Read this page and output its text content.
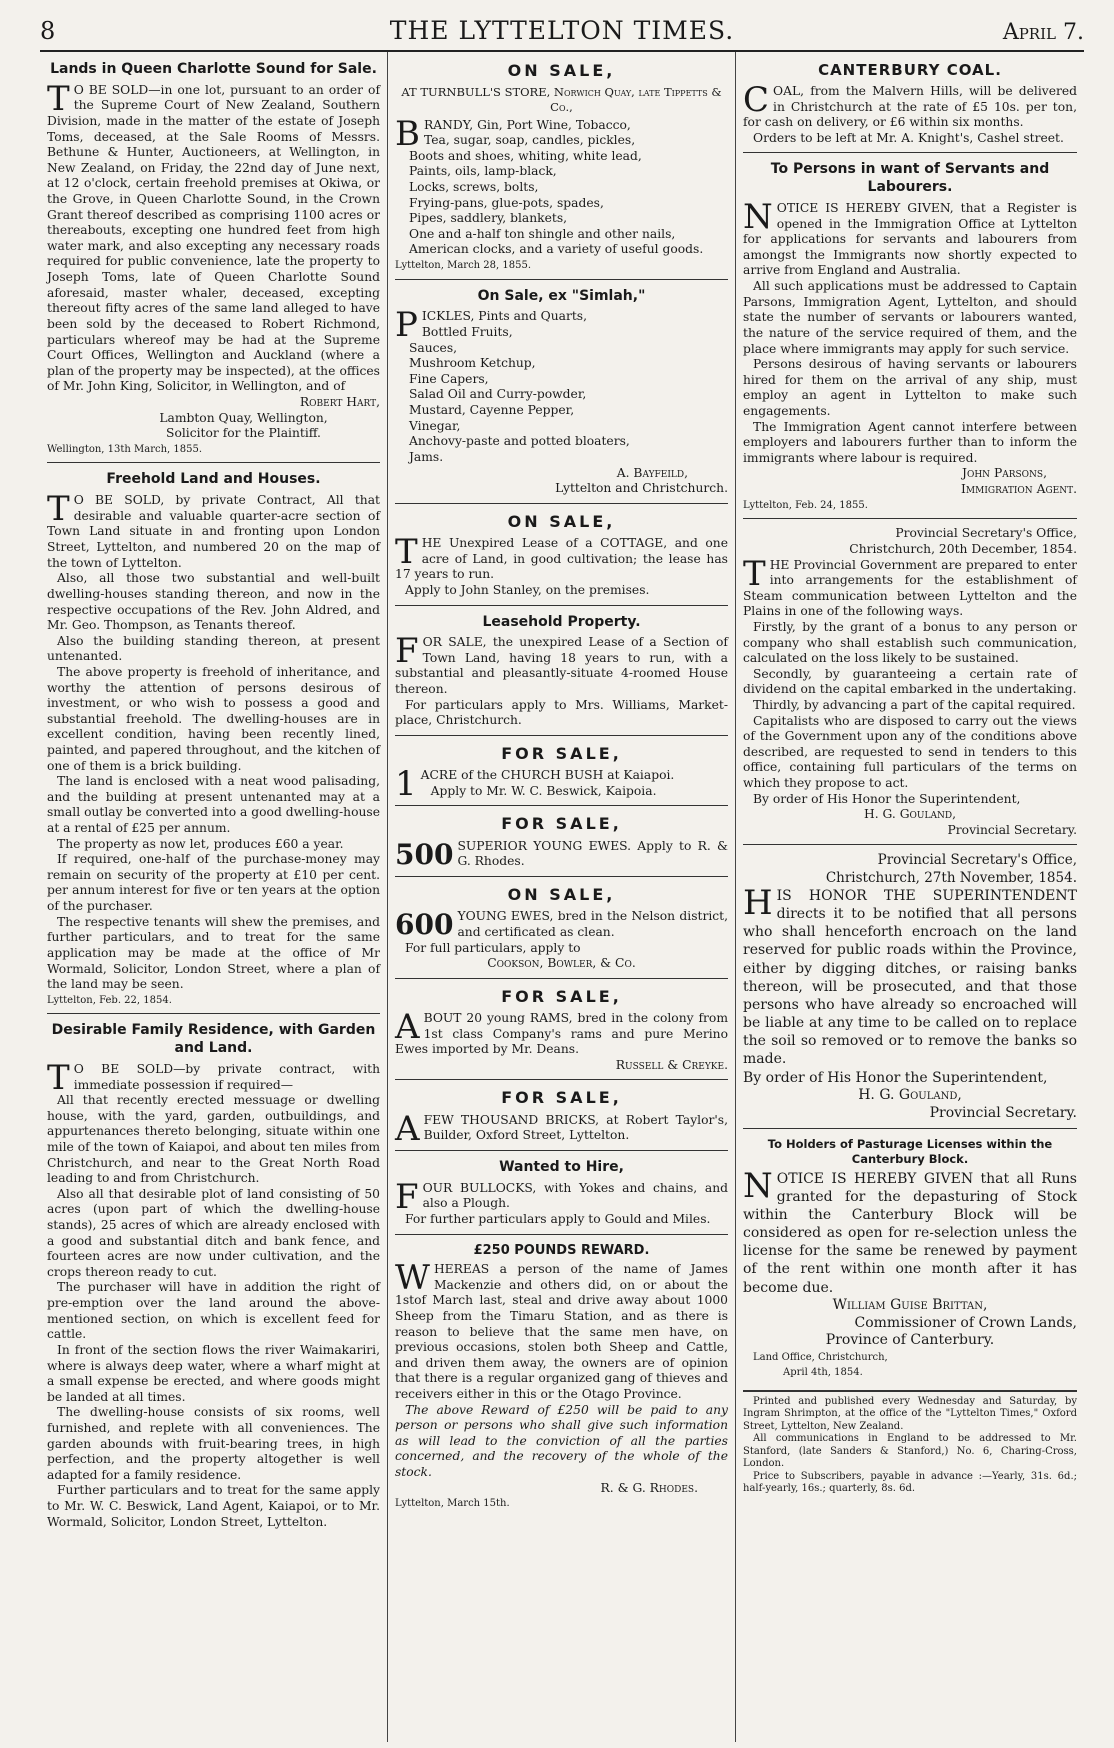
8	THE LYTTELTON TIMES.	April 7.
Lands in Queen Charlotte Sound for Sale.

T O BE SOLD—in one lot, pursuant to an order of the Supreme Court of New Zealand, Southern Division, made in the matter of the estate of Joseph Toms, deceased, at the Sale Rooms of Messrs. Bethune & Hunter, Auctioneers, at Wellington, in New Zealand, on Friday, the 22nd day of June next, at 12 o'clock, certain freehold premises at Okiwa, or the Grove, in Queen Charlotte Sound, in the Crown Grant thereof described as comprising 1100 acres or thereabouts, excepting one hundred feet from high water mark, and also excepting any necessary roads required for public convenience, late the property to Joseph Toms, late of Queen Charlotte Sound aforesaid, master whaler, deceased, excepting thereout fifty acres of the same land alleged to have been sold by the deceased to Robert Richmond, particulars whereof may be had at the Supreme Court Offices, Wellington and Auckland (where a plan of the property may be inspected), at the offices of Mr. John King, Solicitor, in Wellington, and of

Robert Hart,
Lambton Quay, Wellington,
Solicitor for the Plaintiff.
Wellington, 13th March, 1855.
Freehold Land and Houses.

T O BE SOLD, by private Contract, All that desirable and valuable quarter-acre section of Town Land situate in and fronting upon London Street, Lyttelton, and numbered 20 on the map of the town of Lyttelton.

Also, all those two substantial and well-built dwelling-houses standing thereon, and now in the respective occupations of the Rev. John Aldred, and Mr. Geo. Thompson, as Tenants thereof.

Also the building standing thereon, at present untenanted.

The above property is freehold of inheritance, and worthy the attention of persons desirous of investment, or who wish to possess a good and substantial freehold. The dwelling-houses are in excellent condition, having been recently lined, painted, and papered throughout, and the kitchen of one of them is a brick building.

The land is enclosed with a neat wood palisading, and the building at present untenanted may at a small outlay be converted into a good dwelling-house at a rental of £25 per annum.

The property as now let, produces £60 a year.

If required, one-half of the purchase-money may remain on security of the property at £10 per cent. per annum interest for five or ten years at the option of the purchaser.

The respective tenants will shew the premises, and further particulars, and to treat for the same application may be made at the office of Mr Wormald, Solicitor, London Street, where a plan of the land may be seen.

Lyttelton, Feb. 22, 1854.
Desirable Family Residence, with Garden and Land.

T O BE SOLD—by private contract, with immediate possession if required—

All that recently erected messuage or dwelling house, with the yard, garden, outbuildings, and appurtenances thereto belonging, situate within one mile of the town of Kaiapoi, and about ten miles from Christchurch, and near to the Great North Road leading to and from Christchurch.

Also all that desirable plot of land consisting of 50 acres (upon part of which the dwelling-house stands), 25 acres of which are already enclosed with a good and substantial ditch and bank fence, and fourteen acres are now under cultivation, and the crops thereon ready to cut.

The purchaser will have in addition the right of pre-emption over the land around the above-mentioned section, on which is excellent feed for cattle.

In front of the section flows the river Waimakariri, where is always deep water, where a wharf might at a small expense be erected, and where goods might be landed at all times.

The dwelling-house consists of six rooms, well furnished, and replete with all conveniences. The garden abounds with fruit-bearing trees, in high perfection, and the property altogether is well adapted for a family residence.

Further particulars and to treat for the same apply to Mr. W. C. Beswick, Land Agent, Kaiapoi, or to Mr. Wormald, Solicitor, London Street, Lyttelton.

ON SALE,
AT TURNBULL'S STORE, Norwich Quay, late Tippetts & Co.,

BRANDY, Gin, Port Wine, Tobacco,

Tea, sugar, soap, candles, pickles,
Boots and shoes, whiting, white lead,
Paints, oils, lamp-black,
Locks, screws, bolts,
Frying-pans, glue-pots, spades,
Pipes, saddlery, blankets,
One and a-half ton shingle and other nails,
American clocks, and a variety of useful goods.
Lyttelton, March 28, 1855.
On Sale, ex "Simlah,"

PICKLES, Pints and Quarts,

Bottled Fruits,
Sauces,
Mushroom Ketchup,
Fine Capers,
Salad Oil and Curry-powder,
Mustard, Cayenne Pepper,
Vinegar,
Anchovy-paste and potted bloaters,
Jams.
A. Bayfeild,
Lyttelton and Christchurch.
ON SALE,

THE Unexpired Lease of a COTTAGE, and one acre of Land, in good cultivation; the lease has 17 years to run.

Apply to John Stanley, on the premises.

Leasehold Property.

FOR SALE, the unexpired Lease of a Section of Town Land, having 18 years to run, with a substantial and pleasantly-situate 4-roomed House thereon.

For particulars apply to Mrs. Williams, Market-place, Christchurch.

FOR SALE,

1 ACRE of the CHURCH BUSH at Kaiapoi.

Apply to Mr. W. C. Beswick, Kaipoia.

FOR SALE,

500 SUPERIOR YOUNG EWES. Apply to R. & G. Rhodes.

ON SALE,

600 YOUNG EWES, bred in the Nelson district, and certificated as clean.

For full particulars, apply to

Cookson, Bowler, & Co.
FOR SALE,

ABOUT 20 young RAMS, bred in the colony from 1st class Company's rams and pure Merino Ewes imported by Mr. Deans.

Russell & Creyke.
FOR SALE,

AFEW THOUSAND BRICKS, at Robert Taylor's, Builder, Oxford Street, Lyttelton.

Wanted to Hire,

FOUR BULLOCKS, with Yokes and chains, and also a Plough.

For further particulars apply to Gould and Miles.

£250 POUNDS REWARD.

WHEREAS a person of the name of James Mackenzie and others did, on or about the 1stof March last, steal and drive away about 1000 Sheep from the Timaru Station, and as there is reason to believe that the same men have, on previous occasions, stolen both Sheep and Cattle, and driven them away, the owners are of opinion that there is a regular organized gang of thieves and receivers either in this or the Otago Province.

The above Reward of £250 will be paid to any person or persons who shall give such information as will lead to the conviction of all the parties concerned, and the recovery of the whole of the stock.

R. & G. Rhodes.
Lyttelton, March 15th.
CANTERBURY COAL.

COAL, from the Malvern Hills, will be delivered in Christchurch at the rate of £5 10s. per ton, for cash on delivery, or £6 within six months.

Orders to be left at Mr. A. Knight's, Cashel street.

To Persons in want of Servants and Labourers.

NOTICE IS HEREBY GIVEN, that a Register is opened in the Immigration Office at Lyttelton for applications for servants and labourers from amongst the Immigrants now shortly expected to arrive from England and Australia.

All such applications must be addressed to Captain Parsons, Immigration Agent, Lyttelton, and should state the number of servants or labourers wanted, the nature of the service required of them, and the place where immigrants may apply for such service.

Persons desirous of having servants or labourers hired for them on the arrival of any ship, must employ an agent in Lyttelton to make such engagements.

The Immigration Agent cannot interfere between employers and labourers further than to inform the immigrants where labour is required.

John Parsons,
Immigration Agent.
Lyttelton, Feb. 24, 1855.
Provincial Secretary's Office,
Christchurch, 20th December, 1854.

THE Provincial Government are prepared to enter into arrangements for the establishment of Steam communication between Lyttelton and the Plains in one of the following ways.

Firstly, by the grant of a bonus to any person or company who shall establish such communication, calculated on the loss likely to be sustained.

Secondly, by guaranteeing a certain rate of dividend on the capital embarked in the undertaking.

Thirdly, by advancing a part of the capital required.

Capitalists who are disposed to carry out the views of the Government upon any of the conditions above described, are requested to send in tenders to this office, containing full particulars of the terms on which they propose to act.

By order of His Honor the Superintendent,

H. G. Gouland,
Provincial Secretary.
Provincial Secretary's Office,
Christchurch, 27th November, 1854.

HIS HONOR THE SUPERINTENDENT directs it to be notified that all persons who shall henceforth encroach on the land reserved for public roads within the Province, either by digging ditches, or raising banks thereon, will be prosecuted, and that those persons who have already so encroached will be liable at any time to be called on to replace the soil so removed or to remove the banks so made.

By order of His Honor the Superintendent,

H. G. Gouland,
Provincial Secretary.
To Holders of Pasturage Licenses within the Canterbury Block.

NOTICE IS HEREBY GIVEN that all Runs granted for the depasturing of Stock within the Canterbury Block will be considered as open for re-selection unless the license for the same be renewed by payment of the rent within one month after it has become due.

William Guise Brittan,
Commissioner of Crown Lands,
Province of Canterbury.
Land Office, Christchurch,
April 4th, 1854.

Printed and published every Wednesday and Saturday, by Ingram Shrimpton, at the office of the "Lyttelton Times," Oxford Street, Lyttelton, New Zealand.

All communications in England to be addressed to Mr. Stanford, (late Sanders & Stanford,) No. 6, Charing-Cross, London.

Price to Subscribers, payable in advance :—Yearly, 31s. 6d.; half-yearly, 16s.; quarterly, 8s. 6d.
